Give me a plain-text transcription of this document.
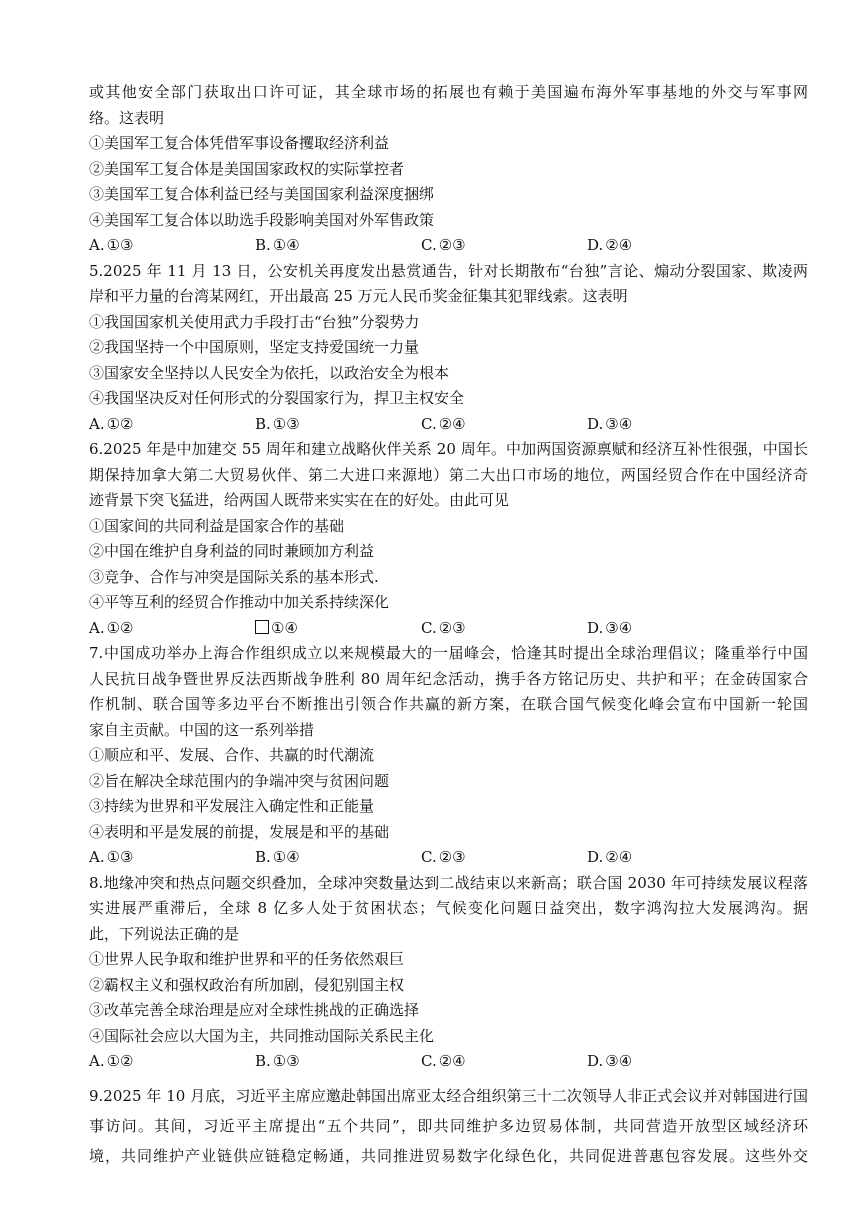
或其他安全部门获取出口许可证，其全球市场的拓展也有赖于美国遍布海外军事基地的外交与军事网
络。这表明
①美国军工复合体凭借军事设备攫取经济利益
②美国军工复合体是美国国家政权的实际掌控者
③美国军工复合体利益已经与美国国家利益深度捆绑
④美国军工复合体以助选手段影响美国对外军售政策
A. ①③	B. ①④	C. ②③	D. ②④
5.2025 年 11 月 13 日，公安机关再度发出悬赏通告，针对长期散布“台独”言论、煽动分裂国家、欺凌两
岸和平力量的台湾某网红，开出最高 25 万元人民币奖金征集其犯罪线索。这表明
①我国国家机关使用武力手段打击“台独”分裂势力
②我国坚持一个中国原则，坚定支持爱国统一力量
③国家安全坚持以人民安全为依托，以政治安全为根本
④我国坚决反对任何形式的分裂国家行为，捍卫主权安全
A. ①②	B. ①③	C. ②④	D. ③④
6.2025 年是中加建交 55 周年和建立战略伙伴关系 20 周年。中加两国资源禀赋和经济互补性很强，中国长
期保持加拿大第二大贸易伙伴、第二大进口来源地）第二大出口市场的地位，两国经贸合作在中国经济奇
迹背景下突飞猛进，给两国人既带来实实在在的好处。由此可见
①国家间的共同利益是国家合作的基础
②中国在维护自身利益的同时兼顾加方利益
③竞争、合作与冲突是国际关系的基本形式.
④平等互利的经贸合作推动中加关系持续深化
A. ①②	①④	C. ②③	D. ③④
7.中国成功举办上海合作组织成立以来规模最大的一届峰会，恰逢其时提出全球治理倡议；隆重举行中国
人民抗日战争暨世界反法西斯战争胜利 80 周年纪念活动，携手各方铭记历史、共护和平；在金砖国家合
作机制、联合国等多边平台不断推出引领合作共赢的新方案，在联合国气候变化峰会宣布中国新一轮国
家自主贡献。中国的这一系列举措
①顺应和平、发展、合作、共赢的时代潮流
②旨在解决全球范围内的争端冲突与贫困问题
③持续为世界和平发展注入确定性和正能量
④表明和平是发展的前提，发展是和平的基础
A. ①③	B. ①④	C. ②③	D. ②④
8.地缘冲突和热点问题交织叠加，全球冲突数量达到二战结束以来新高；联合国 2030 年可持续发展议程落
实进展严重滞后，全球 8 亿多人处于贫困状态；气候变化问题日益突出，数字鸿沟拉大发展鸿沟。据
此，下列说法正确的是
①世界人民争取和维护世界和平的任务依然艰巨
②霸权主义和强权政治有所加剧，侵犯别国主权
③改革完善全球治理是应对全球性挑战的正确选择
④国际社会应以大国为主，共同推动国际关系民主化
A. ①②	B. ①③	C. ②④	D. ③④
9.2025 年 10 月底，习近平主席应邀赴韩国出席亚太经合组织第三十二次领导人非正式会议并对韩国进行国
事访问。其间，习近平主席提出“五个共同”，即共同维护多边贸易体制，共同营造开放型区域经济环
境，共同维护产业链供应链稳定畅通，共同推进贸易数字化绿色化，共同促进普惠包容发展。这些外交
